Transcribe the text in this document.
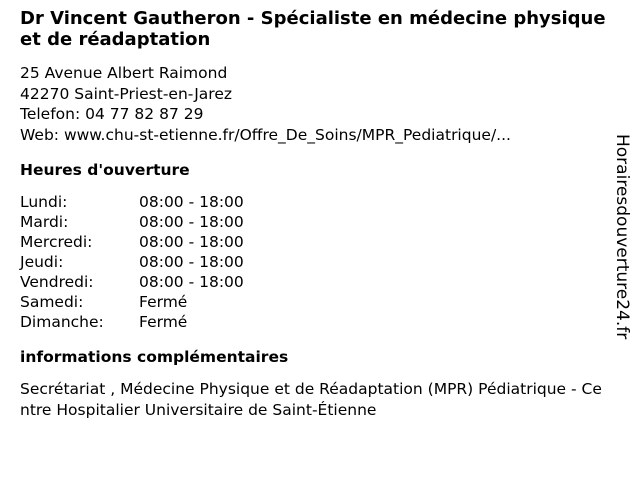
Dr Vincent Gautheron - Spécialiste en médecine physique et de réadaptation
25 Avenue Albert Raimond
42270 Saint-Priest-en-Jarez
Telefon: 04 77 82 87 29
Web: www.chu-st-etienne.fr/Offre_De_Soins/MPR_Pediatrique/...
Heures d'ouverture
Lundi:	08:00 - 18:00
Mardi:	08:00 - 18:00
Mercredi:	08:00 - 18:00
Jeudi:	08:00 - 18:00
Vendredi:	08:00 - 18:00
Samedi:	Fermé
Dimanche:	Fermé
informations complémentaires
Secrétariat , Médecine Physique et de Réadaptation (MPR) Pédiatrique - Centre Hospitalier Universitaire de Saint-Étienne
Horairesdouverture24.fr
